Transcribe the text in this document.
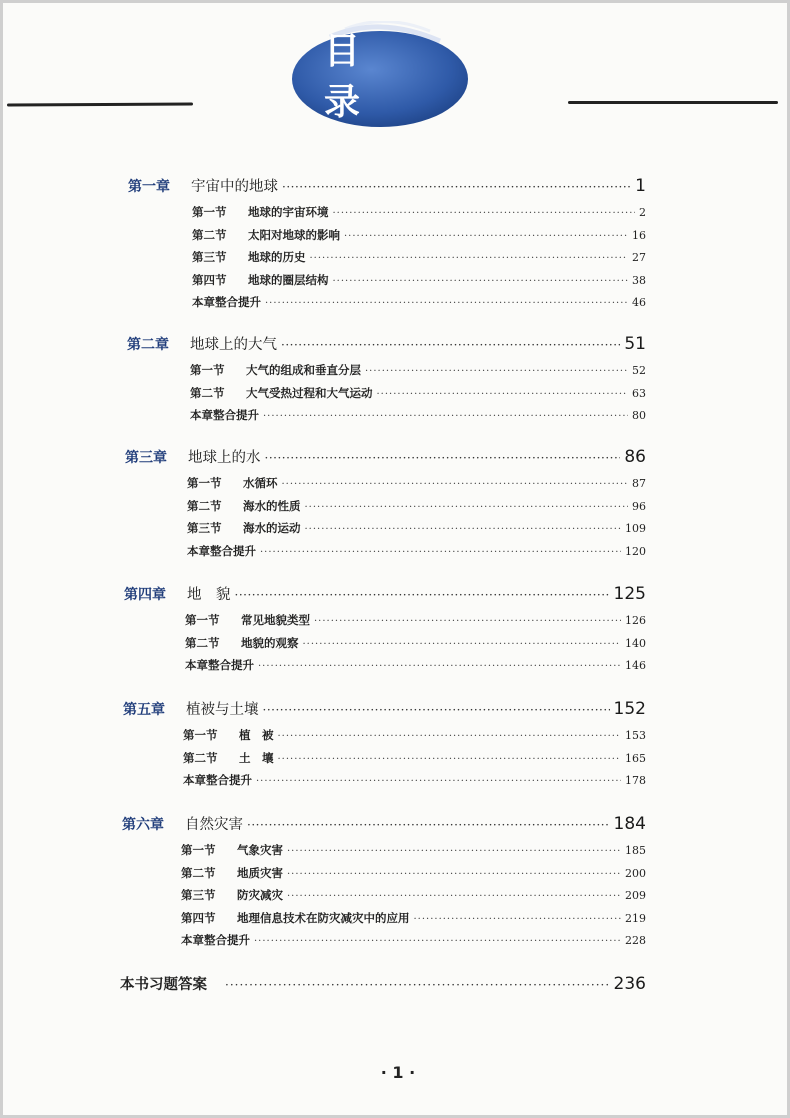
目　录
第一章	宇宙中的地球 ·····	1
第一节	地球的宇宙环境 ·····	2
第二节	太阳对地球的影响 ·····	16
第三节	地球的历史 ·····	27
第四节	地球的圈层结构 ·····	38
本章整合提升 ·····	46
第二章	地球上的大气 ·····	51
第一节	大气的组成和垂直分层 ·····	52
第二节	大气受热过程和大气运动 ·····	63
本章整合提升 ·····	80
第三章	地球上的水 ·····	86
第一节	水循环 ·····	87
第二节	海水的性质 ·····	96
第三节	海水的运动 ·····	109
本章整合提升 ·····	120
第四章	地　貌 ·····	125
第一节	常见地貌类型 ·····	126
第二节	地貌的观察 ·····	140
本章整合提升 ·····	146
第五章	植被与土壤 ·····	152
第一节	植　被 ·····	153
第二节	土　壤 ·····	165
本章整合提升 ·····	178
第六章	自然灾害 ·····	184
第一节	气象灾害 ·····	185
第二节	地质灾害 ·····	200
第三节	防灾减灾 ·····	209
第四节	地理信息技术在防灾减灾中的应用 ·····	219
本章整合提升 ·····	228
本书习题答案 ·····	236
· 1 ·
